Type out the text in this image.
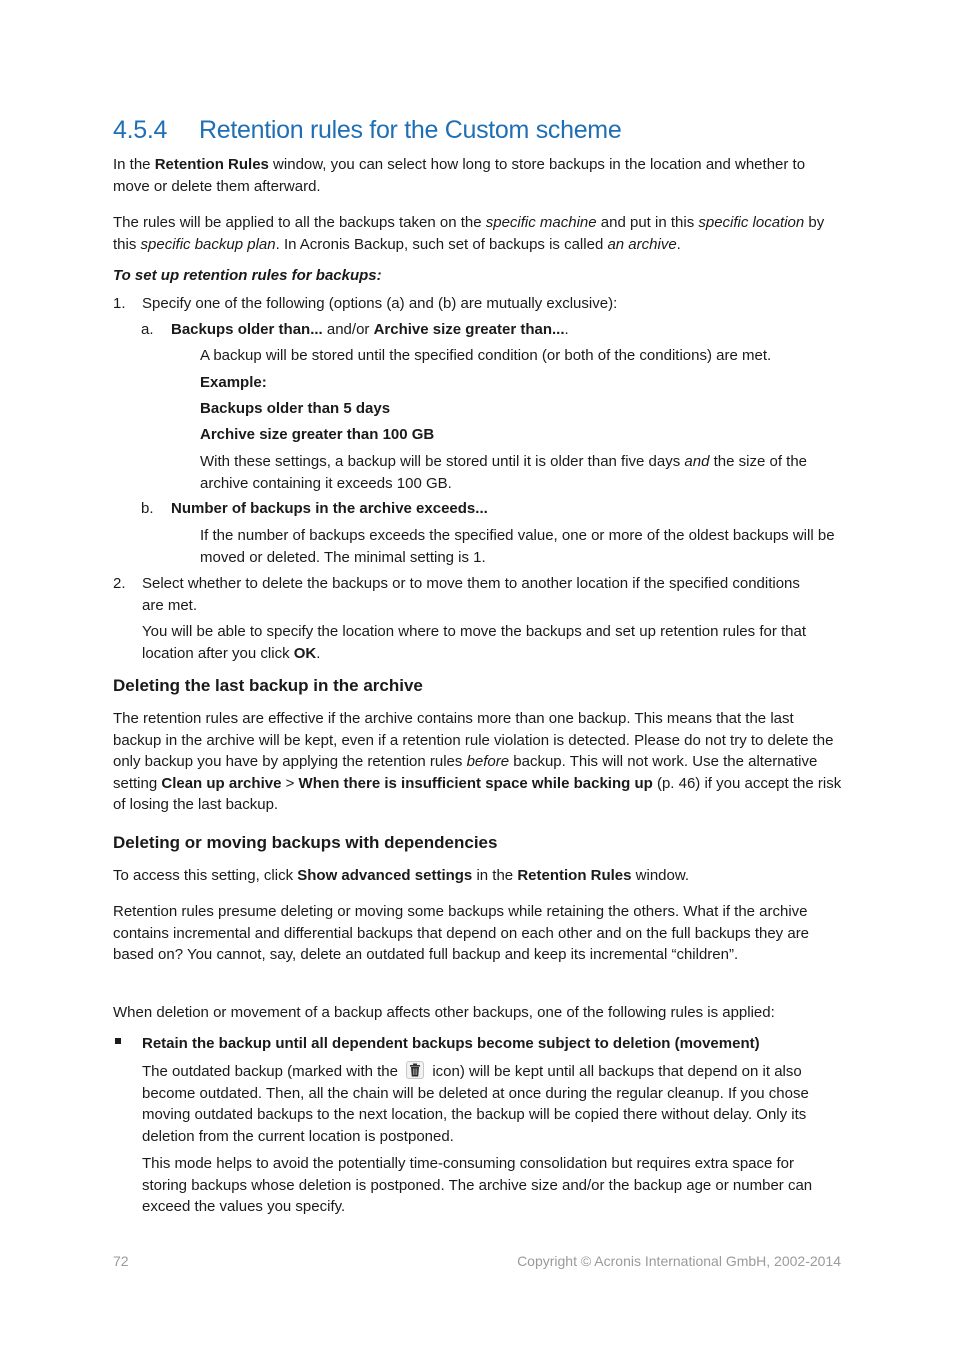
4.5.4 Retention rules for the Custom scheme

In the Retention Rules window, you can select how long to store backups in the location and whether to move or delete them afterward.

The rules will be applied to all the backups taken on the specific machine and put in this specific location by this specific backup plan. In Acronis Backup, such set of backups is called an archive.

To set up retention rules for backups:

1. Specify one of the following (options (a) and (b) are mutually exclusive):

a. Backups older than... and/or Archive size greater than....

A backup will be stored until the specified condition (or both of the conditions) are met.

Example:

Backups older than 5 days

Archive size greater than 100 GB

With these settings, a backup will be stored until it is older than five days and the size of the archive containing it exceeds 100 GB.

b. Number of backups in the archive exceeds...

If the number of backups exceeds the specified value, one or more of the oldest backups will be moved or deleted. The minimal setting is 1.

2. Select whether to delete the backups or to move them to another location if the specified conditions are met.

You will be able to specify the location where to move the backups and set up retention rules for that location after you click OK.

Deleting the last backup in the archive

The retention rules are effective if the archive contains more than one backup. This means that the last backup in the archive will be kept, even if a retention rule violation is detected. Please do not try to delete the only backup you have by applying the retention rules before backup. This will not work. Use the alternative setting Clean up archive > When there is insufficient space while backing up (p. 46) if you accept the risk of losing the last backup.

Deleting or moving backups with dependencies

To access this setting, click Show advanced settings in the Retention Rules window.

Retention rules presume deleting or moving some backups while retaining the others. What if the archive contains incremental and differential backups that depend on each other and on the full backups they are based on? You cannot, say, delete an outdated full backup and keep its incremental “children”.

When deletion or movement of a backup affects other backups, one of the following rules is applied:

Retain the backup until all dependent backups become subject to deletion (movement)

The outdated backup (marked with the
icon) will be kept until all backups that depend on it also become outdated. Then, all the chain will be deleted at once during the regular cleanup. If you chose moving outdated backups to the next location, the backup will be copied there without delay. Only its deletion from the current location is postponed.

This mode helps to avoid the potentially time-consuming consolidation but requires extra space for storing backups whose deletion is postponed. The archive size and/or the backup age or number can exceed the values you specify.

72	Copyright © Acronis International GmbH, 2002-2014
